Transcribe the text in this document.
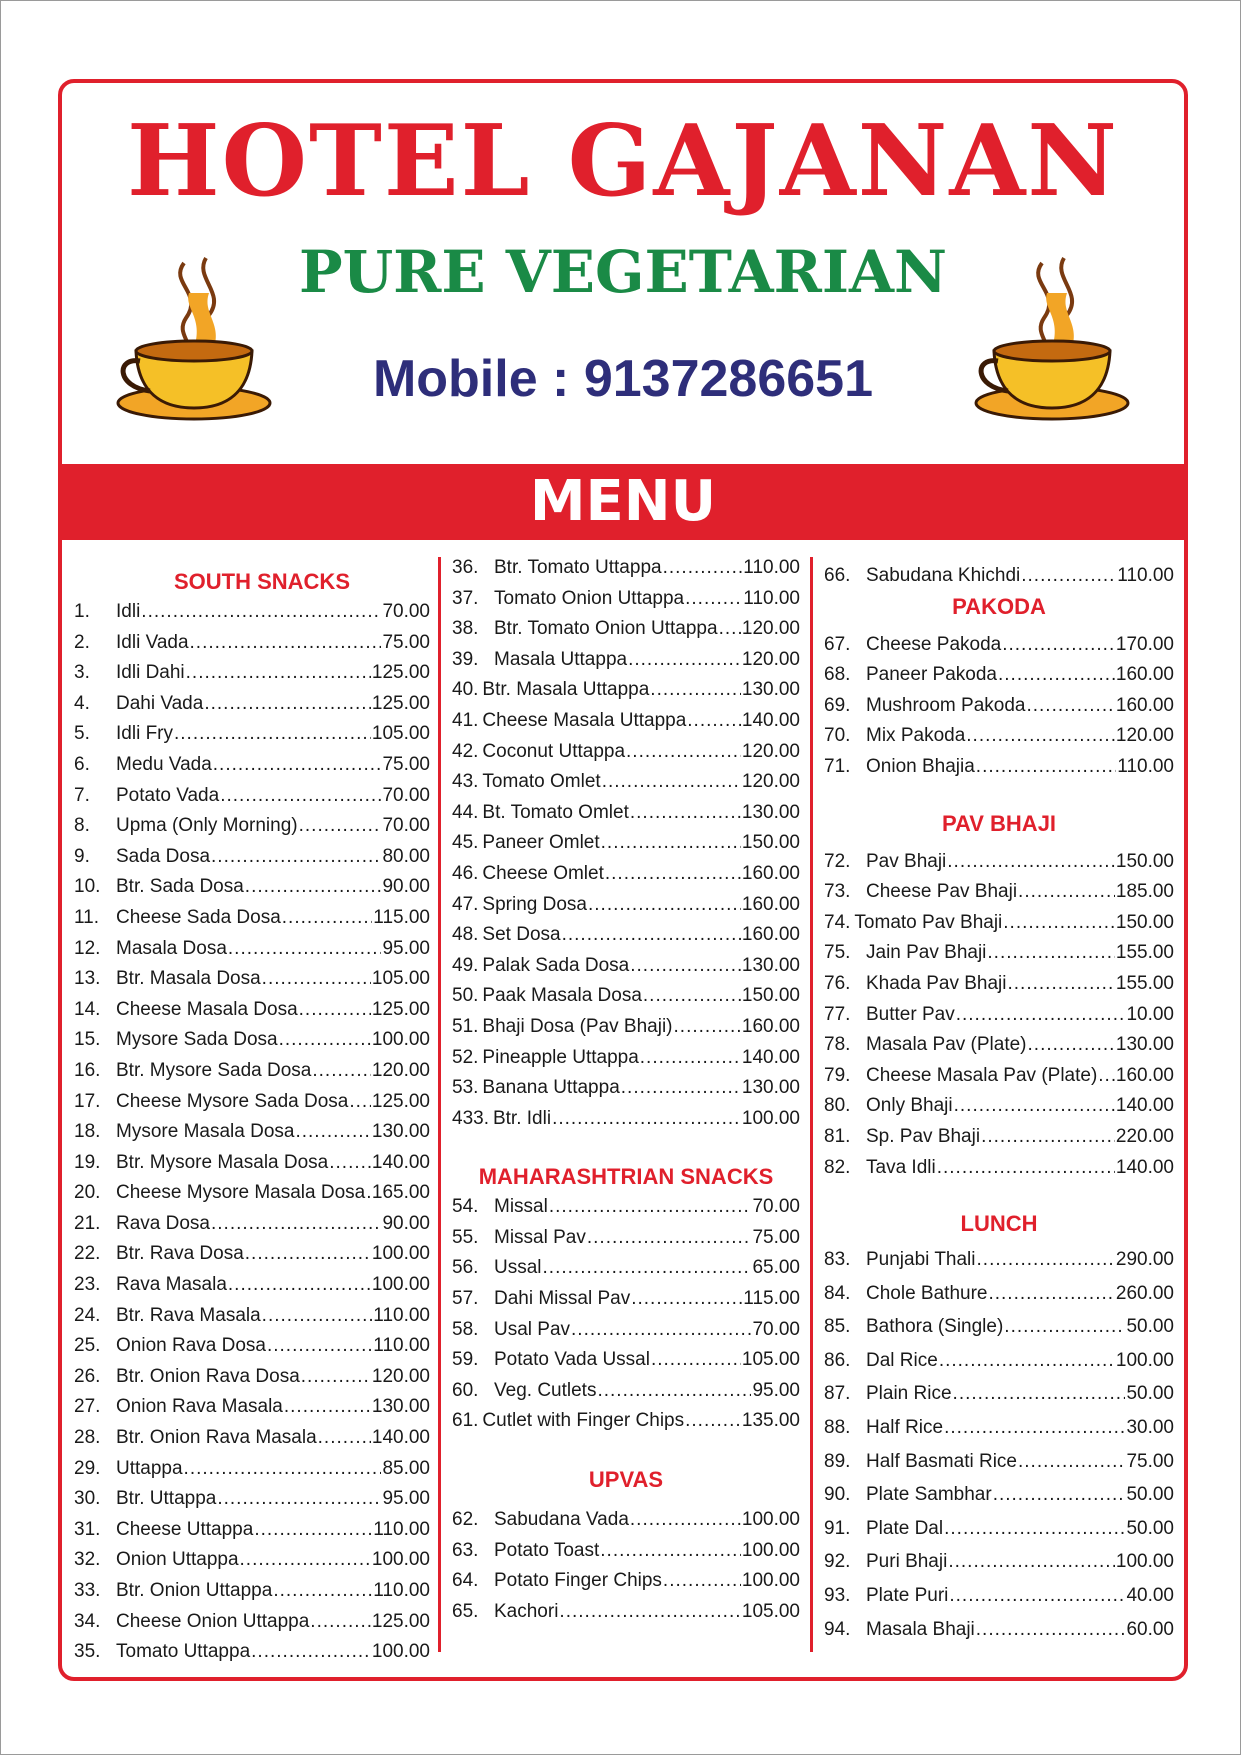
HOTEL GAJANAN
PURE VEGETARIAN
Mobile : 9137286651
MENU
SOUTH SNACKS
1.	Idli .....	70.00
2.	Idli Vada .....	75.00
3.	Idli Dahi .....	125.00
4.	Dahi Vada .....	125.00
5.	Idli Fry .....	105.00
6.	Medu Vada .....	75.00
7.	Potato Vada .....	70.00
8.	Upma (Only Morning) .....	70.00
9.	Sada Dosa .....	80.00
10. Btr. Sada Dosa .....	90.00
11. Cheese Sada Dosa .....	115.00
12. Masala Dosa .....	95.00
13. Btr. Masala Dosa .....	105.00
14. Cheese Masala Dosa .....	125.00
15. Mysore Sada Dosa .....	100.00
16. Btr. Mysore Sada Dosa .....	120.00
17. Cheese Mysore Sada Dosa ..... 125.00
18. Mysore Masala Dosa .....	130.00
19. Btr. Mysore Masala Dosa ..... 140.00
20. Cheese Mysore Masala Dosa ..... 165.00
21. Rava Dosa .....	90.00
22. Btr. Rava Dosa .....	100.00
23. Rava Masala .....	100.00
24. Btr. Rava Masala .....	110.00
25. Onion Rava Dosa .....	110.00
26. Btr. Onion Rava Dosa .....	120.00
27. Onion Rava Masala .....	130.00
28. Btr. Onion Rava Masala .....	140.00
29. Uttappa .....	85.00
30. Btr. Uttappa .....	95.00
31. Cheese Uttappa .....	110.00
32. Onion Uttappa .....	100.00
33. Btr. Onion Uttappa .....	110.00
34. Cheese Onion Uttappa .....	125.00
35. Tomato Uttappa .....	100.00
36. Btr. Tomato Uttappa .....	110.00
37. Tomato Onion Uttappa .....	110.00
38. Btr. Tomato Onion Uttappa ..... 120.00
39. Masala Uttappa .....	120.00
40. Btr. Masala Uttappa .....	130.00
41. Cheese Masala Uttappa .....	140.00
42. Coconut Uttappa .....	120.00
43. Tomato Omlet .....	120.00
44. Bt. Tomato Omlet .....	130.00
45. Paneer Omlet .....	150.00
46. Cheese Omlet .....	160.00
47. Spring Dosa .....	160.00
48. Set Dosa .....	160.00
49. Palak Sada Dosa .....	130.00
50. Paak Masala Dosa .....	150.00
51. Bhaji Dosa (Pav Bhaji) .....	160.00
52. Pineapple Uttappa .....	140.00
53. Banana Uttappa .....	130.00
433. Btr. Idli .....	100.00
MAHARASHTRIAN SNACKS
54. Missal .....	70.00
55. Missal Pav .....	75.00
56. Ussal .....	65.00
57. Dahi Missal Pav .....	115.00
58. Usal Pav .....	70.00
59. Potato Vada Ussal .....	105.00
60. Veg. Cutlets .....	95.00
61. Cutlet with Finger Chips .....	135.00
UPVAS
62. Sabudana Vada .....	100.00
63. Potato Toast .....	100.00
64. Potato Finger Chips .....	100.00
65. Kachori .....	105.00
66. Sabudana Khichdi .....	110.00
PAKODA
67. Cheese Pakoda .....	170.00
68. Paneer Pakoda .....	160.00
69. Mushroom Pakoda .....	160.00
70. Mix Pakoda .....	120.00
71. Onion Bhajia .....	110.00
PAV BHAJI
72. Pav Bhaji .....	150.00
73. Cheese Pav Bhaji .....	185.00
74. Tomato Pav Bhaji .....	150.00
75. Jain Pav Bhaji .....	155.00
76. Khada Pav Bhaji .....	155.00
77. Butter Pav .....	10.00
78. Masala Pav (Plate) .....	130.00
79. Cheese Masala Pav (Plate) ..... 160.00
80. Only Bhaji .....	140.00
81. Sp. Pav Bhaji .....	220.00
82. Tava Idli .....	140.00
LUNCH
83. Punjabi Thali .....	290.00
84. Chole Bathure .....	260.00
85. Bathora (Single) .....	50.00
86. Dal Rice .....	100.00
87. Plain Rice .....	50.00
88. Half Rice .....	30.00
89. Half Basmati Rice .....	75.00
90. Plate Sambhar .....	50.00
91. Plate Dal .....	50.00
92. Puri Bhaji .....	100.00
93. Plate Puri .....	40.00
94. Masala Bhaji .....	60.00
